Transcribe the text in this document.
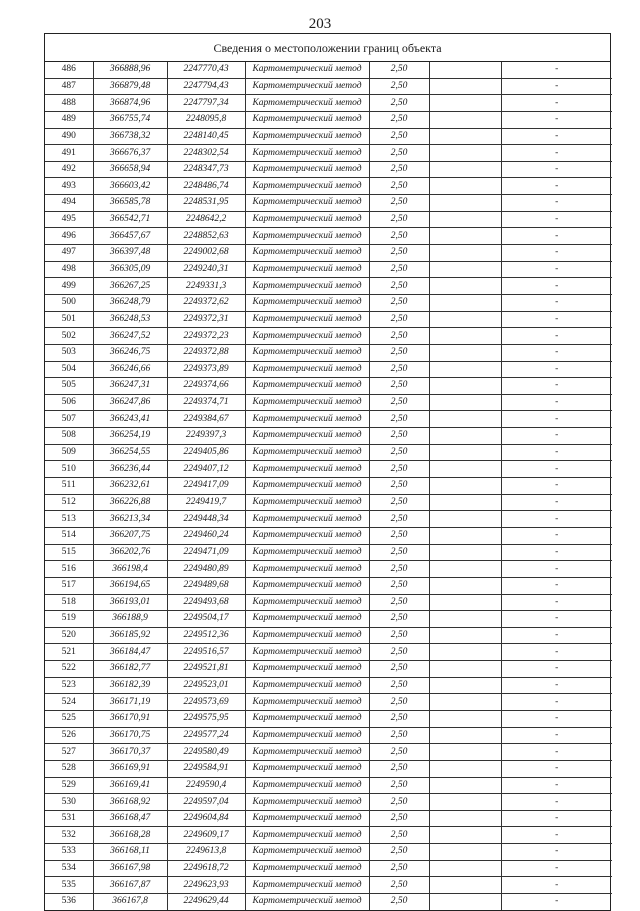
203
Сведения о местоположении границ объекта
486	366888,96	2247770,43	Картометрический метод	2,50		-
487	366879,48	2247794,43	Картометрический метод	2,50		-
488	366874,96	2247797,34	Картометрический метод	2,50		-
489	366755,74	2248095,8	Картометрический метод	2,50		-
490	366738,32	2248140,45	Картометрический метод	2,50		-
491	366676,37	2248302,54	Картометрический метод	2,50		-
492	366658,94	2248347,73	Картометрический метод	2,50		-
493	366603,42	2248486,74	Картометрический метод	2,50		-
494	366585,78	2248531,95	Картометрический метод	2,50		-
495	366542,71	2248642,2	Картометрический метод	2,50		-
496	366457,67	2248852,63	Картометрический метод	2,50		-
497	366397,48	2249002,68	Картометрический метод	2,50		-
498	366305,09	2249240,31	Картометрический метод	2,50		-
499	366267,25	2249331,3	Картометрический метод	2,50		-
500	366248,79	2249372,62	Картометрический метод	2,50		-
501	366248,53	2249372,31	Картометрический метод	2,50		-
502	366247,52	2249372,23	Картометрический метод	2,50		-
503	366246,75	2249372,88	Картометрический метод	2,50		-
504	366246,66	2249373,89	Картометрический метод	2,50		-
505	366247,31	2249374,66	Картометрический метод	2,50		-
506	366247,86	2249374,71	Картометрический метод	2,50		-
507	366243,41	2249384,67	Картометрический метод	2,50		-
508	366254,19	2249397,3	Картометрический метод	2,50		-
509	366254,55	2249405,86	Картометрический метод	2,50		-
510	366236,44	2249407,12	Картометрический метод	2,50		-
511	366232,61	2249417,09	Картометрический метод	2,50		-
512	366226,88	2249419,7	Картометрический метод	2,50		-
513	366213,34	2249448,34	Картометрический метод	2,50		-
514	366207,75	2249460,24	Картометрический метод	2,50		-
515	366202,76	2249471,09	Картометрический метод	2,50		-
516	366198,4	2249480,89	Картометрический метод	2,50		-
517	366194,65	2249489,68	Картометрический метод	2,50		-
518	366193,01	2249493,68	Картометрический метод	2,50		-
519	366188,9	2249504,17	Картометрический метод	2,50		-
520	366185,92	2249512,36	Картометрический метод	2,50		-
521	366184,47	2249516,57	Картометрический метод	2,50		-
522	366182,77	2249521,81	Картометрический метод	2,50		-
523	366182,39	2249523,01	Картометрический метод	2,50		-
524	366171,19	2249573,69	Картометрический метод	2,50		-
525	366170,91	2249575,95	Картометрический метод	2,50		-
526	366170,75	2249577,24	Картометрический метод	2,50		-
527	366170,37	2249580,49	Картометрический метод	2,50		-
528	366169,91	2249584,91	Картометрический метод	2,50		-
529	366169,41	2249590,4	Картометрический метод	2,50		-
530	366168,92	2249597,04	Картометрический метод	2,50		-
531	366168,47	2249604,84	Картометрический метод	2,50		-
532	366168,28	2249609,17	Картометрический метод	2,50		-
533	366168,11	2249613,8	Картометрический метод	2,50		-
534	366167,98	2249618,72	Картометрический метод	2,50		-
535	366167,87	2249623,93	Картометрический метод	2,50		-
536	366167,8	2249629,44	Картометрический метод	2,50		-
